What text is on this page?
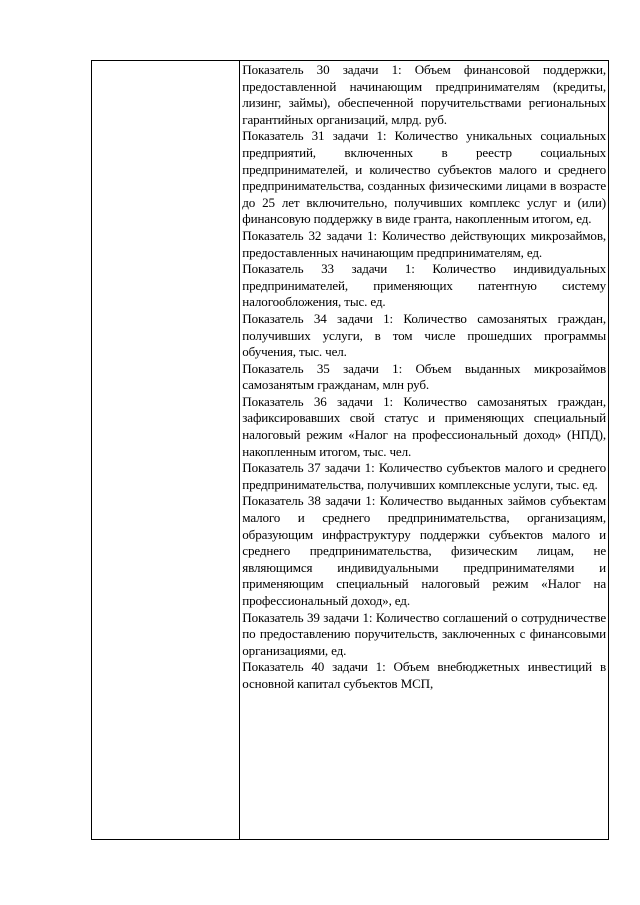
Показатель 30 задачи 1: Объем финансовой поддержки, предоставленной начинающим предпринимателям (кредиты, лизинг, займы), обеспеченной поручительствами региональных гарантийных организаций, млрд. руб.

Показатель 31 задачи 1: Количество уникальных социальных предприятий, включенных в реестр социальных предпринимателей, и количество субъектов малого и среднего предпринимательства, созданных физическими лицами в возрасте до 25 лет включительно, получивших комплекс услуг и (или) финансовую поддержку в виде гранта, накопленным итогом, ед.

Показатель 32 задачи 1: Количество действующих микрозаймов, предоставленных начинающим предпринимателям, ед.

Показатель 33 задачи 1: Количество индивидуальных предпринимателей, применяющих патентную систему налогообложения, тыс. ед.

Показатель 34 задачи 1: Количество самозанятых граждан, получивших услуги, в том числе прошедших программы обучения, тыс. чел.

Показатель 35 задачи 1: Объем выданных микрозаймов самозанятым гражданам, млн руб.

Показатель 36 задачи 1: Количество самозанятых граждан, зафиксировавших свой статус и применяющих специальный налоговый режим «Налог на профессиональный доход» (НПД), накопленным итогом, тыс. чел.

Показатель 37 задачи 1: Количество субъектов малого и среднего предпринимательства, получивших комплексные услуги, тыс. ед.

Показатель 38 задачи 1: Количество выданных займов субъектам малого и среднего предпринимательства, организациям, образующим инфраструктуру поддержки субъектов малого и среднего предпринимательства, физическим лицам, не являющимся индивидуальными предпринимателями и применяющим специальный налоговый режим «Налог на профессиональный доход», ед.

Показатель 39 задачи 1: Количество соглашений о сотрудничестве по предоставлению поручительств, заключенных с финансовыми организациями, ед.

Показатель 40 задачи 1: Объем внебюджетных инвестиций в основной капитал субъектов МСП,
